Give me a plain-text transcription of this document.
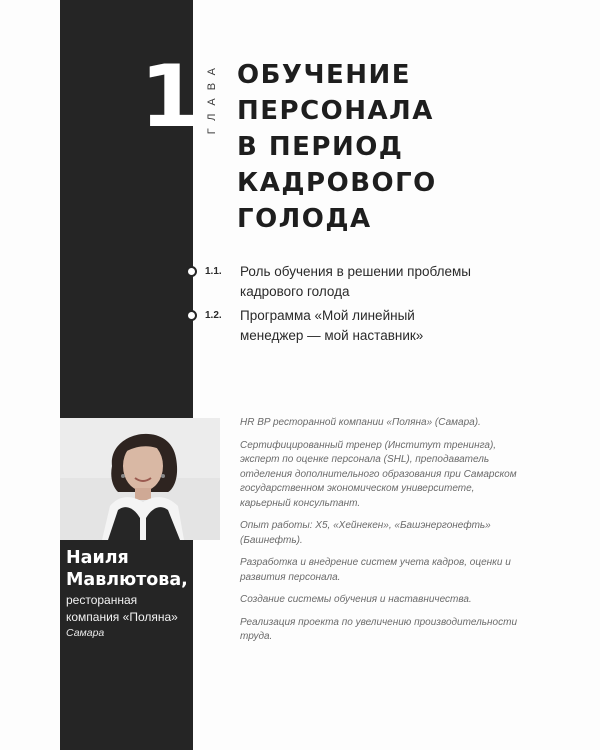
1 ГЛАВА ОБУЧЕНИЕ
ПЕРСОНАЛА
В ПЕРИОД
КАДРОВОГО
ГОЛОДА
1.1. Роль обучения в решении проблемы кадрового голода
1.2. Программа «Мой линейный менеджер — мой наставник»
Наиля Мавлютова,
ресторанная компания «Поляна»
Самара

HR BP ресторанной компании «Поляна» (Самара).

Сертифицированный тренер (Институт тренинга), эксперт по оценке персонала (SHL), преподаватель отделения дополнительного образования при Самарском государственном экономическом университете, карьерный консультант.

Опыт работы: Х5, «Хейнекен», «Башэнергонефть» (Башнефть).

Разработка и внедрение систем учета кадров, оценки и развития персонала.

Создание системы обучения и наставничества.

Реализация проекта по увеличению производительности труда.
